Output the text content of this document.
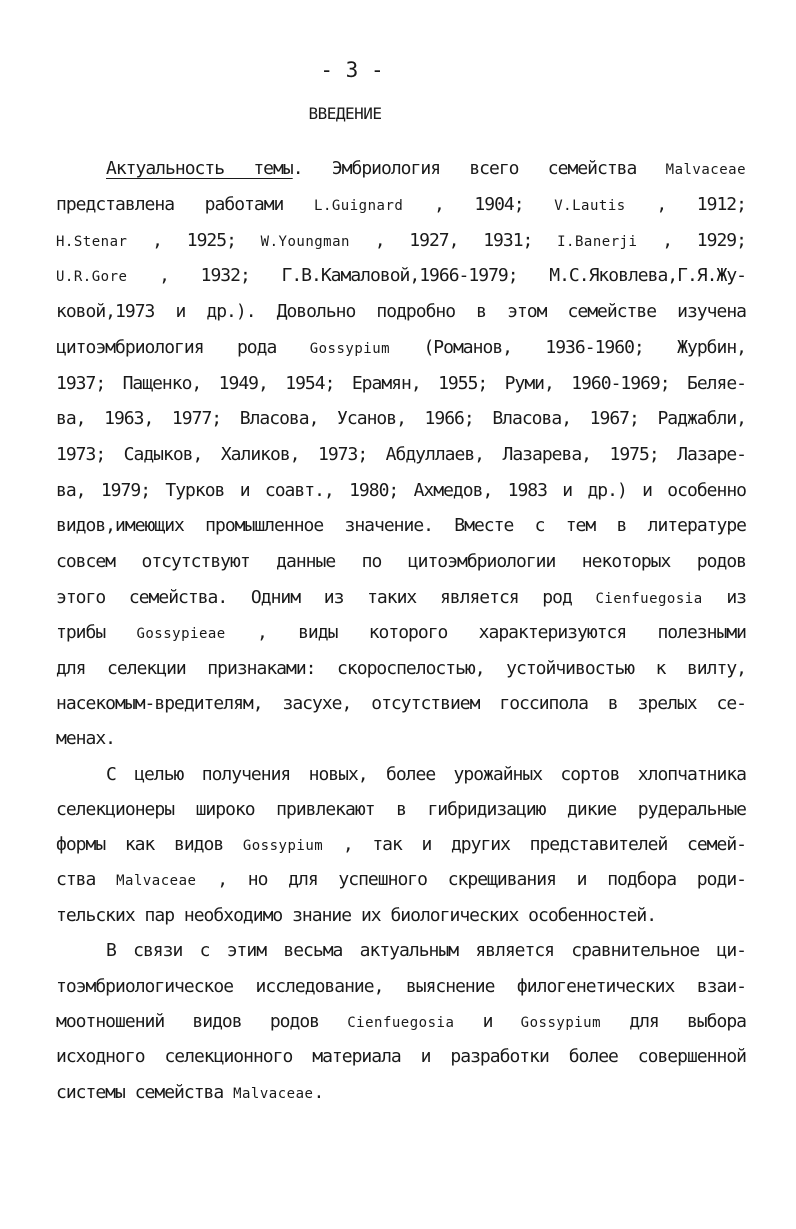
- 3 -
ВВЕДЕНИЕ
Актуальность темы. Эмбриология всего семейства Malvaceae
представлена работами L.Guignard , 1904; V.Lautis , 1912;
H.Stenar , 1925; W.Youngman , 1927, 1931; I.Banerji , 1929;
U.R.Gore , 1932; Г.В.Камаловой,1966-1979; М.С.Яковлева,Г.Я.Жу-
ковой,1973 и др.). Довольно подробно в этом семействе изучена
цитоэмбриология рода Gossypium (Романов, 1936-1960; Журбин,
1937; Пащенко, 1949, 1954; Ерамян, 1955; Руми, 1960-1969; Беляе-
ва, 1963, 1977; Власова, Усанов, 1966; Власова, 1967; Раджабли,
1973; Садыков, Халиков, 1973; Абдуллаев, Лазарева, 1975; Лазаре-
ва, 1979; Турков и соавт., 1980; Ахмедов, 1983 и др.) и особенно
видов,имеющих промышленное значение. Вместе с тем в литературе
совсем отсутствуют данные по цитоэмбриологии некоторых родов
этого семейства. Одним из таких является род Cienfuegosia из
трибы Gossypieae , виды которого характеризуются полезными
для селекции признаками: скороспелостью, устойчивостью к вилту,
насекомым-вредителям, засухе, отсутствием госсипола в зрелых се-
менах.
С целью получения новых, более урожайных сортов хлопчатника
селекционеры широко привлекают в гибридизацию дикие рудеральные
формы как видов Gossypium , так и других представителей семей-
ства Malvaceae , но для успешного скрещивания и подбора роди-
тельских пар необходимо знание их биологических особенностей.
В связи с этим весьма актуальным является сравнительное ци-
тоэмбриологическое исследование, выяснение филогенетических взаи-
моотношений видов родов Cienfuegosia и Gossypium для выбора
исходного селекционного материала и разработки более совершенной
системы семейства Malvaceae.
